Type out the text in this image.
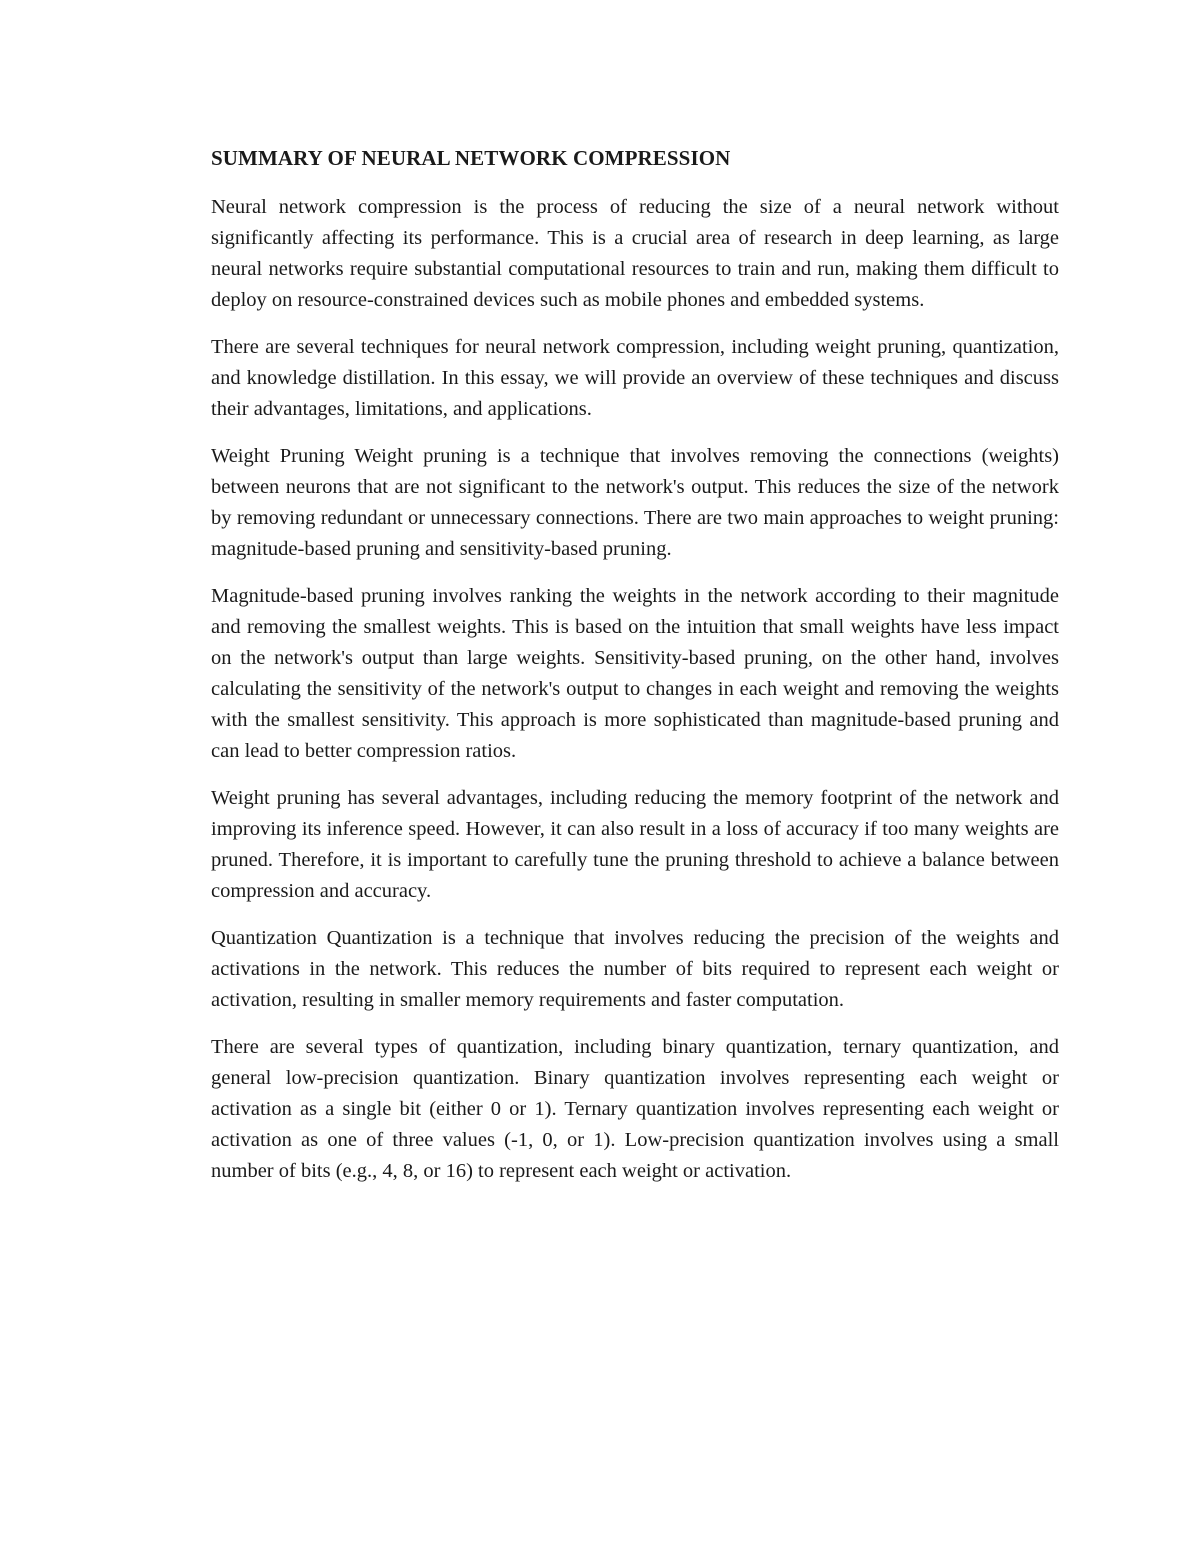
SUMMARY OF NEURAL NETWORK COMPRESSION

Neural network compression is the process of reducing the size of a neural network without significantly affecting its performance. This is a crucial area of research in deep learning, as large neural networks require substantial computational resources to train and run, making them difficult to deploy on resource-constrained devices such as mobile phones and embedded systems.

There are several techniques for neural network compression, including weight pruning, quantization, and knowledge distillation. In this essay, we will provide an overview of these techniques and discuss their advantages, limitations, and applications.

Weight Pruning Weight pruning is a technique that involves removing the connections (weights) between neurons that are not significant to the network's output. This reduces the size of the network by removing redundant or unnecessary connections. There are two main approaches to weight pruning: magnitude-based pruning and sensitivity-based pruning.

Magnitude-based pruning involves ranking the weights in the network according to their magnitude and removing the smallest weights. This is based on the intuition that small weights have less impact on the network's output than large weights. Sensitivity-based pruning, on the other hand, involves calculating the sensitivity of the network's output to changes in each weight and removing the weights with the smallest sensitivity. This approach is more sophisticated than magnitude-based pruning and can lead to better compression ratios.

Weight pruning has several advantages, including reducing the memory footprint of the network and improving its inference speed. However, it can also result in a loss of accuracy if too many weights are pruned. Therefore, it is important to carefully tune the pruning threshold to achieve a balance between compression and accuracy.

Quantization Quantization is a technique that involves reducing the precision of the weights and activations in the network. This reduces the number of bits required to represent each weight or activation, resulting in smaller memory requirements and faster computation.

There are several types of quantization, including binary quantization, ternary quantization, and general low-precision quantization. Binary quantization involves representing each weight or activation as a single bit (either 0 or 1). Ternary quantization involves representing each weight or activation as one of three values (-1, 0, or 1). Low-precision quantization involves using a small number of bits (e.g., 4, 8, or 16) to represent each weight or activation.
